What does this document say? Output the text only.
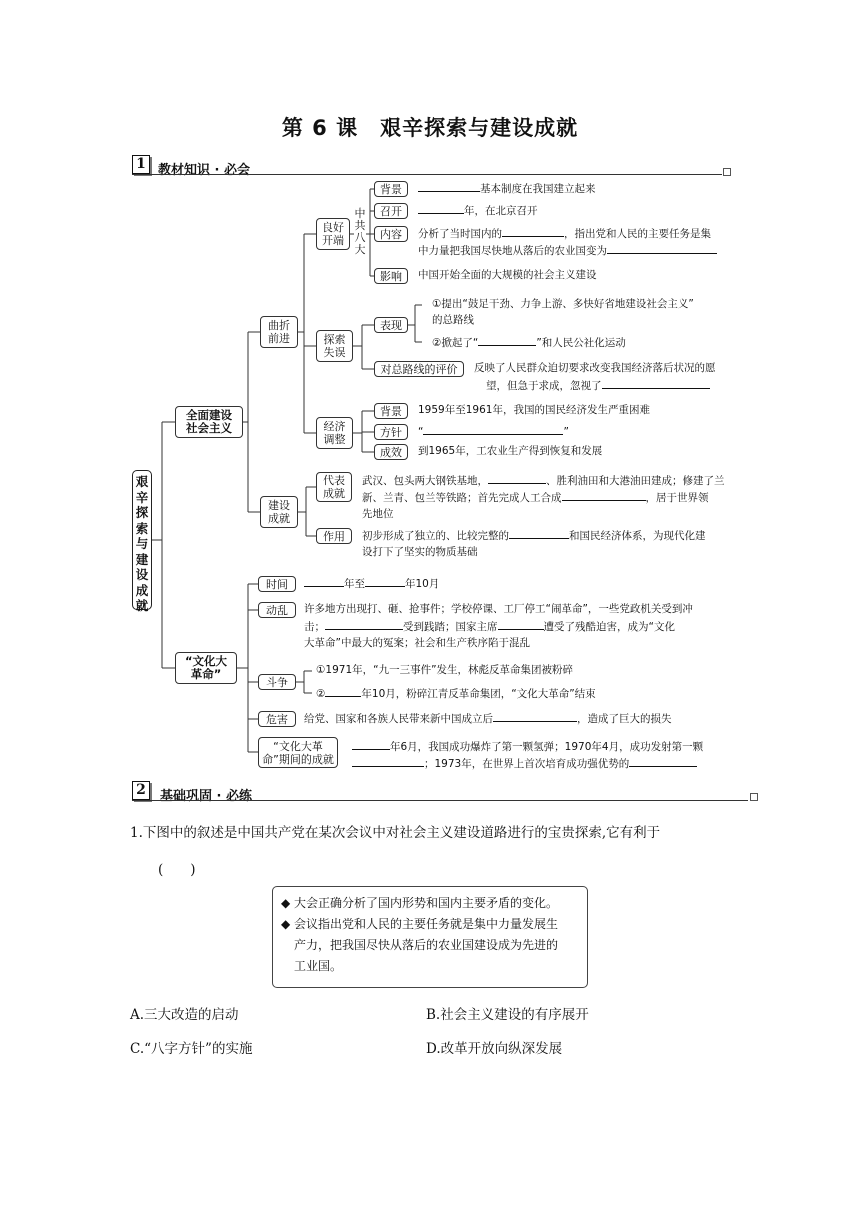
第 6 课　艰辛探索与建设成就
1 教材知识 · 必会
艰辛探索与建设成就
全面建设社会主义
“文化大革命”
曲折前进
建设成就
良好开端
中共八大
探索失误
经济调整
背景
召开
内容
影响
基本制度在我国建立起来
年，在北京召开
分析了当时国内的	，指出党和人民的主要任务是集
中力量把我国尽快地从落后的农业国变为
中国开始全面的大规模的社会主义建设
表现
对总路线的评价
①提出“鼓足干劲、力争上游、多快好省地建设社会主义”
的总路线
②掀起了“	”和人民公社化运动
反映了人民群众迫切要求改变我国经济落后状况的愿
望，但急于求成，忽视了
背景
方针
成效
1959年至1961年，我国的国民经济发生严重困难
“	”
到1965年，工农业生产得到恢复和发展
代表成就
作用
武汉、包头两大钢铁基地，	、胜利油田和大港油田建成；修建了兰
新、兰青、包兰等铁路；首先完成人工合成	，居于世界领
先地位
初步形成了独立的、比较完整的	和国民经济体系，为现代化建
设打下了坚实的物质基础
时间
动乱
斗争
危害
“文化大革命”期间的成就
年至	年10月
许多地方出现打、砸、抢事件；学校停课、工厂停工“闹革命”，一些党政机关受到冲
击；	受到践踏；国家主席	遭受了残酷迫害，成为“文化
大革命”中最大的冤案；社会和生产秩序陷于混乱
①1971年，“九一三事件”发生，林彪反革命集团被粉碎
②	年10月，粉碎江青反革命集团，“文化大革命”结束
给党、国家和各族人民带来新中国成立后	，造成了巨大的损失
年6月，我国成功爆炸了第一颗氢弹；1970年4月，成功发射第一颗
；1973年，在世界上首次培育成功强优势的
2	基础巩固 · 必练
1.下图中的叙述是中国共产党在某次会议中对社会主义建设道路进行的宝贵探索,它有利于
(　　)
◆ 大会正确分析了国内形势和国内主要矛盾的变化。
◆ 会议指出党和人民的主要任务就是集中力量发展生
产力，把我国尽快从落后的农业国建设成为先进的
工业国。
A.三大改造的启动	B.社会主义建设的有序展开
C.“八字方针”的实施	D.改革开放向纵深发展
